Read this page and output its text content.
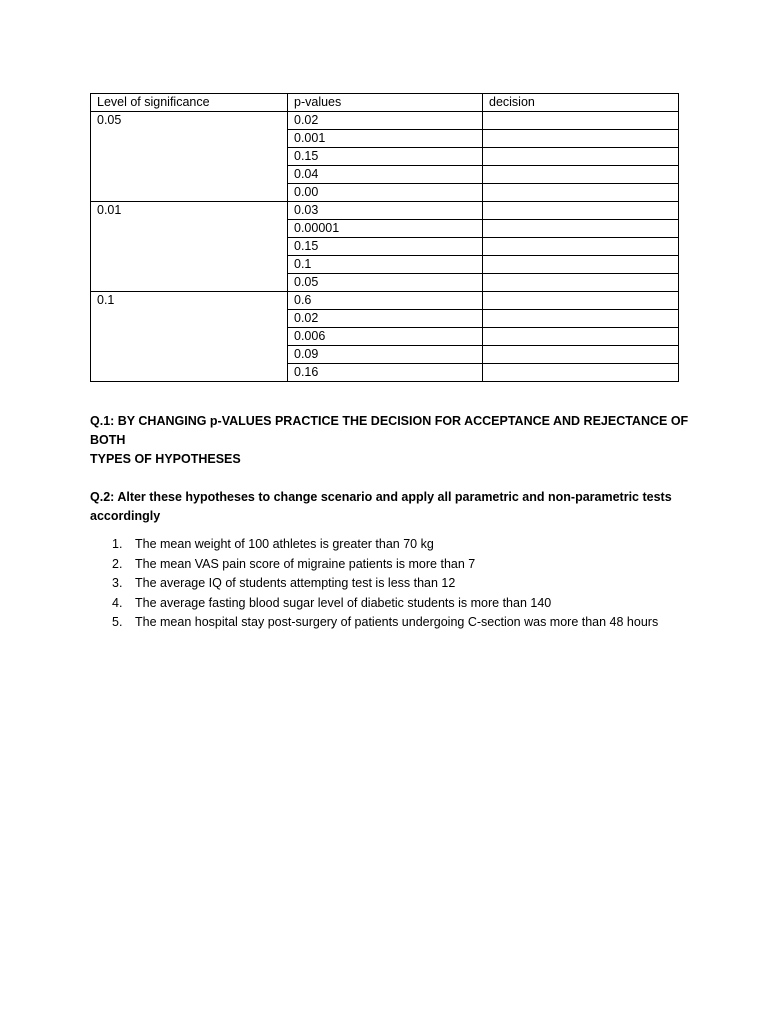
Level of significance	p-values	decision
0.05	0.02	
	0.001	
	0.15	
	0.04	
	0.00	
0.01	0.03	
	0.00001	
	0.15	
	0.1	
	0.05	
0.1	0.6	
	0.02	
	0.006	
	0.09	
	0.16	
Q.1: BY CHANGING p-VALUES PRACTICE THE DECISION FOR ACCEPTANCE AND REJECTANCE OF BOTH
TYPES OF HYPOTHESES
Q.2: Alter these hypotheses to change scenario and apply all parametric and non-parametric tests
accordingly
1. The mean weight of 100 athletes is greater than 70 kg
2. The mean VAS pain score of migraine patients is more than 7
3. The average IQ of students attempting test is less than 12
4. The average fasting blood sugar level of diabetic students is more than 140
5. The mean hospital stay post-surgery of patients undergoing C-section was more than 48 hours
